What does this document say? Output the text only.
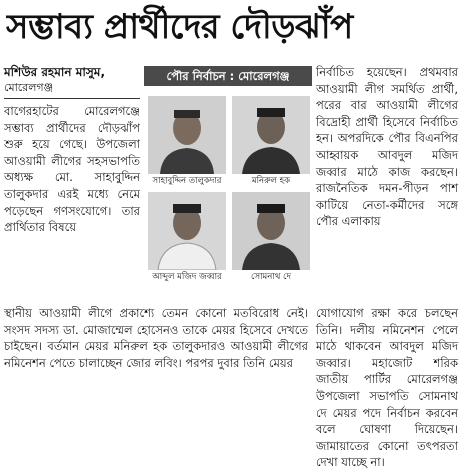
সম্ভাব্য প্রার্থীদের দৌড়ঝাঁপ
মশিউর রহমান মাসুম,
মোরেলগঞ্জ
বাগেরহাটের মোরেলগঞ্জে সম্ভাব্য প্রার্থীদের দৌড়ঝাঁপ শুরু হয়ে গেছে। উপজেলা আওয়ামী লীগের সহসভাপতি অধ্যক্ষ মো. সাহাবুদ্দিন তালুকদার এরই মধ্যে নেমে পড়েছেন গণসংযোগে। তার প্রার্থিতার বিষয়ে
পৌর নির্বাচন : মোরেলগঞ্জ
সাহাবুদ্দিন তালুকদার	মনিরুল হক
আব্দুল মজিদ জব্বার	সোমনাথ দে
নির্বাচিত হয়েছেন। প্রথমবার আওয়ামী লীগ সমর্থিত প্রার্থী, পরের বার আওয়ামী লীগের বিদ্রোহী প্রার্থী হিসেবে নির্বাচিত হন। অপরদিকে পৌর বিএনপির আহ্বায়ক আবদুল মজিদ জব্বার মাঠে কাজ করছেন। রাজনৈতিক দমন-পীড়ন পাশ কাটিয়ে নেতা-কর্মীদের সঙ্গে পৌর এলাকায়
স্থানীয় আওয়ামী লীগে প্রকাশ্যে তেমন কোনো মতবিরোধ নেই। সংসদ সদস্য ডা. মোজাম্মেল হোসেনও তাকে মেয়র হিসেবে দেখতে চাইছেন। বর্তমান মেয়র মনিরুল হক তালুকদারও আওয়ামী লীগের নমিনেশন পেতে চালাচ্ছেন জোর লবিং। পরপর দুবার তিনি মেয়র
যোগাযোগ রক্ষা করে চলছেন তিনি। দলীয় নমিনেশন পেলে মাঠে থাকবেন আবদুল মজিদ জব্বার। মহাজোট শরিক জাতীয় পার্টির মোরেলগঞ্জ উপজেলা সভাপতি সোমনাথ দে মেয়র পদে নির্বাচন করবেন বলে ঘোষণা দিয়েছেন। জামায়াতের কোনো তৎপরতা দেখা যাচ্ছে না।
